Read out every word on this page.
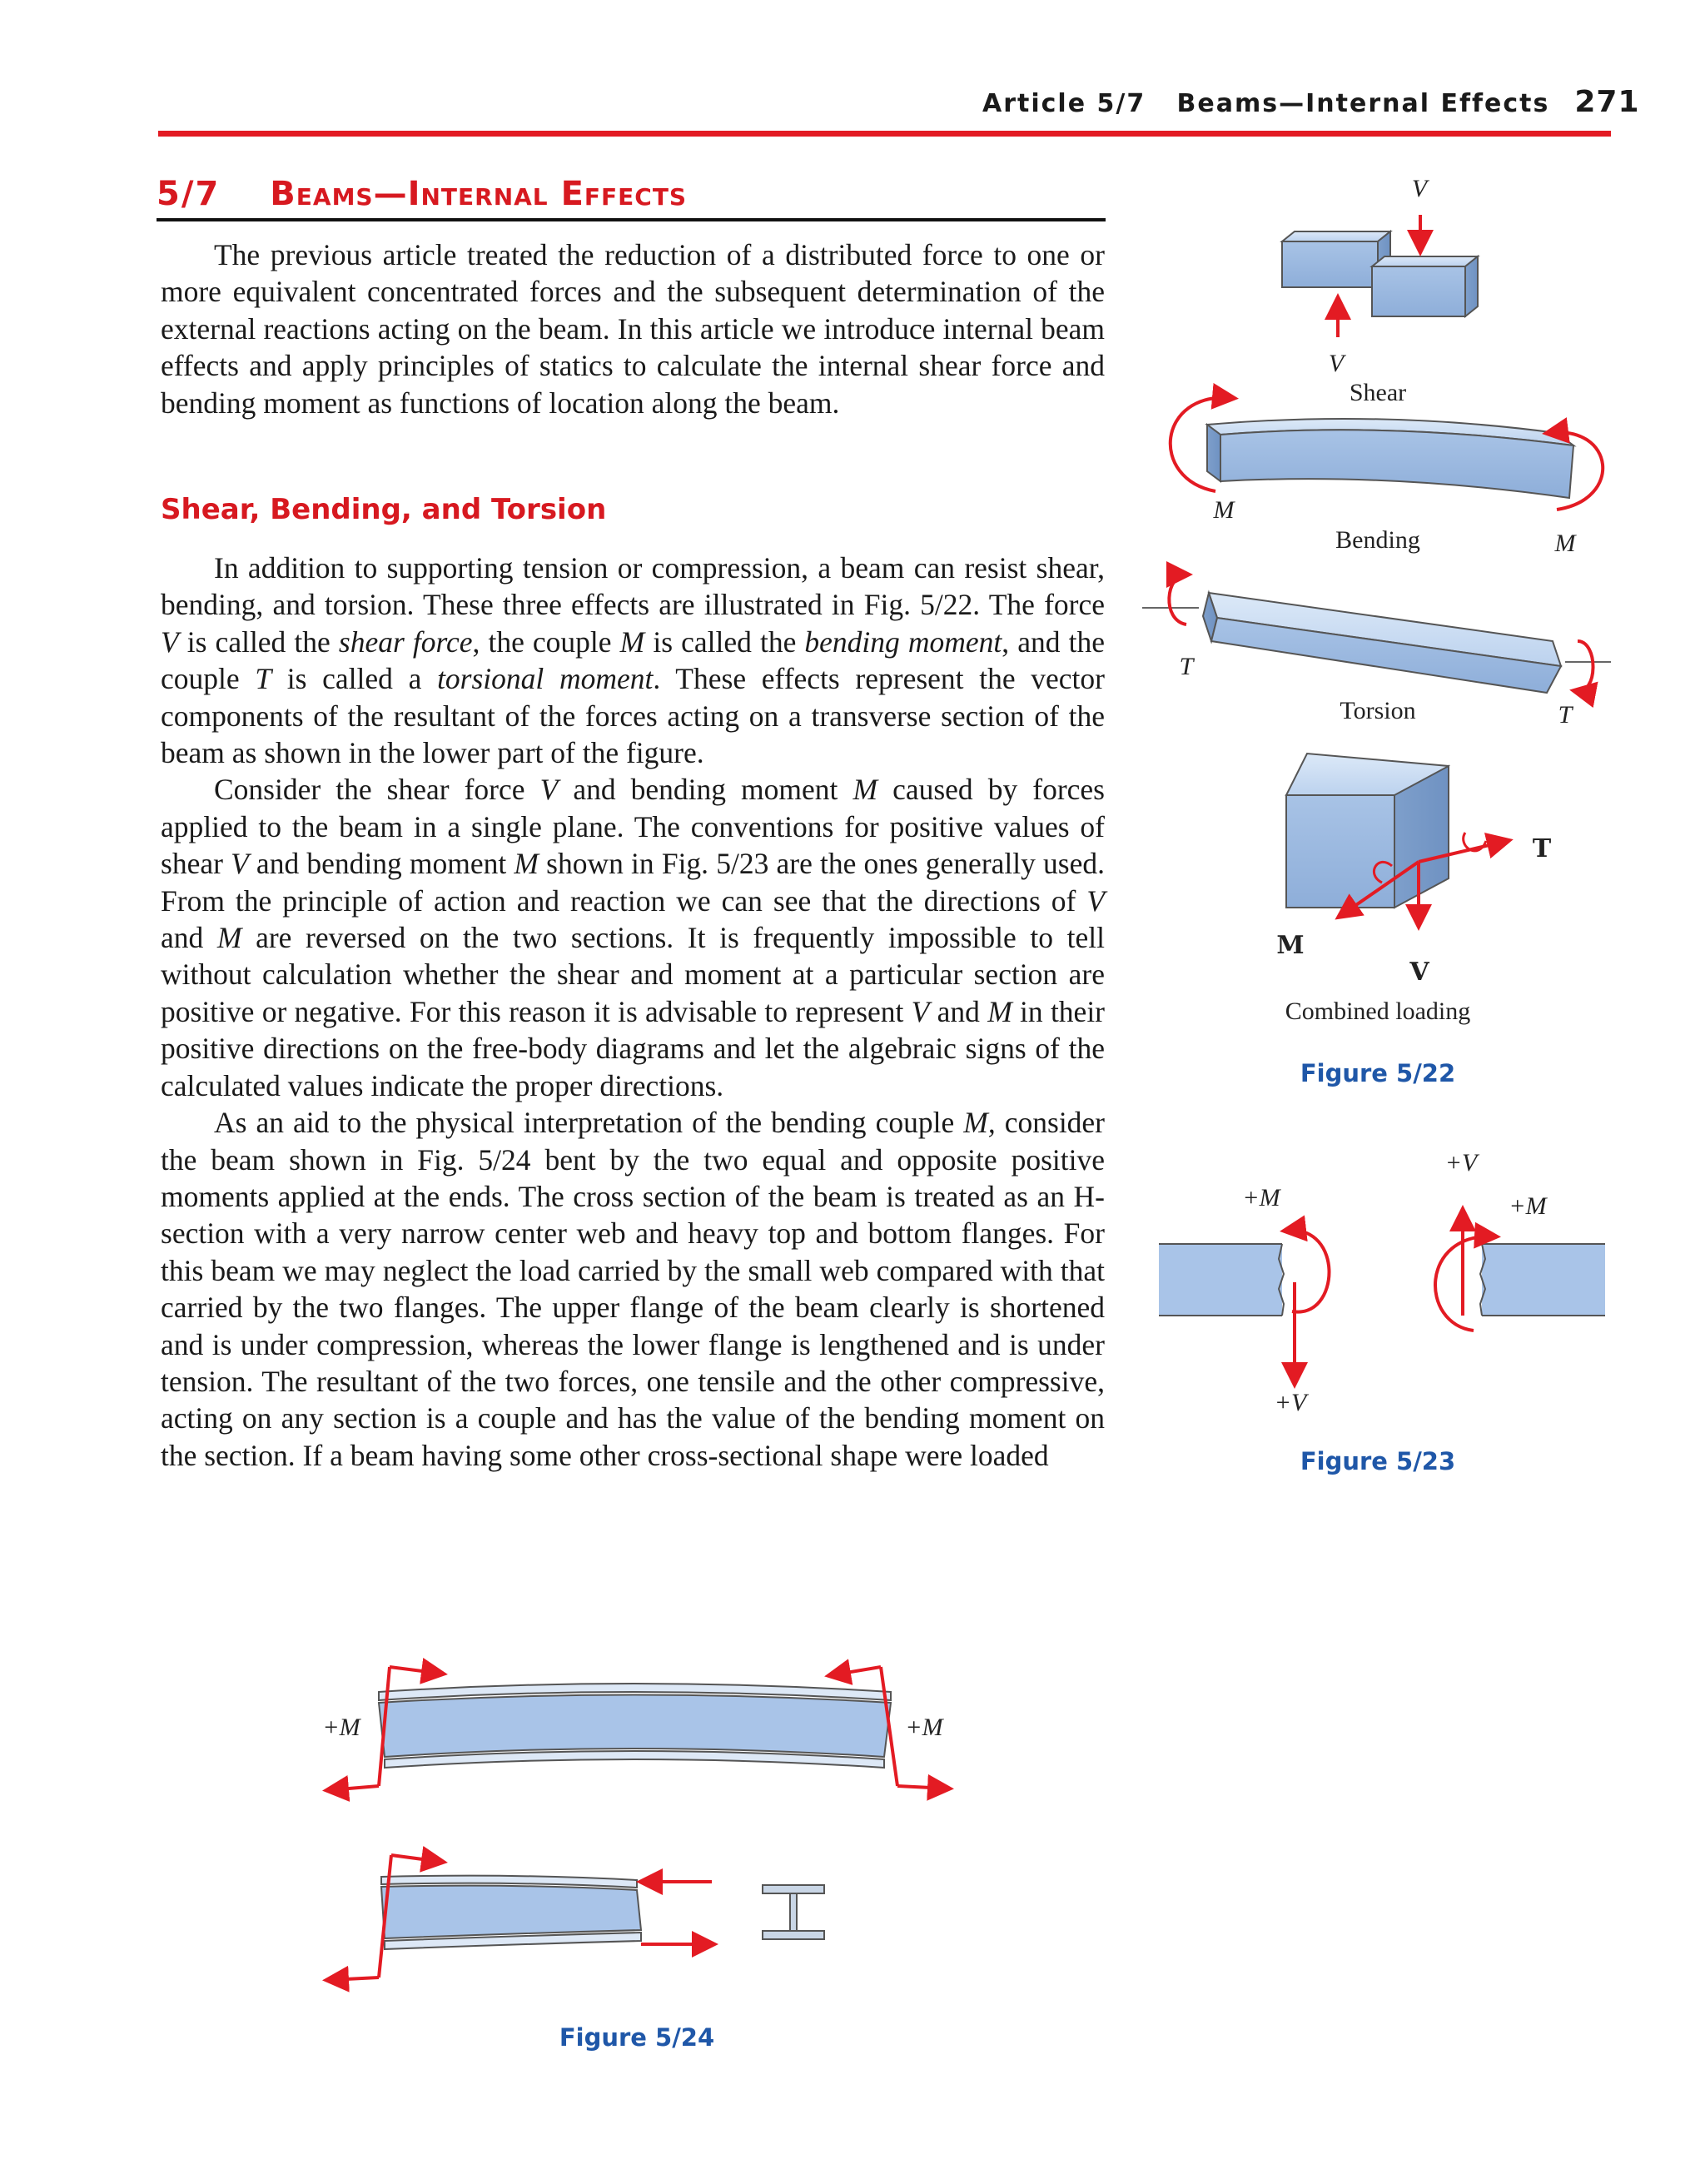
Article 5/7 Beams—Internal Effects 271
5/7 Beams—Internal Effects

The previous article treated the reduction of a distributed force to one or more equivalent concentrated forces and the subsequent determination of the external reactions acting on the beam. In this article we introduce internal beam effects and apply principles of statics to calculate the internal shear force and bending moment as functions of location along the beam.

Shear, Bending, and Torsion

In addition to supporting tension or compression, a beam can resist shear, bending, and torsion. These three effects are illustrated in Fig. 5/22. The force V is called the shear force, the couple M is called the bending moment, and the couple T is called a torsional moment. These effects represent the vector components of the resultant of the forces acting on a transverse section of the beam as shown in the lower part of the figure.

Consider the shear force V and bending moment M caused by forces applied to the beam in a single plane. The conventions for positive values of shear V and bending moment M shown in Fig. 5/23 are the ones generally used. From the principle of action and reaction we can see that the directions of V and M are reversed on the two sections. It is frequently impossible to tell without calculation whether the shear and moment at a particular section are positive or negative. For this reason it is advisable to represent V and M in their positive directions on the free-body diagrams and let the algebraic signs of the calculated values indicate the proper directions.

As an aid to the physical interpretation of the bending couple M, consider the beam shown in Fig. 5/24 bent by the two equal and opposite positive moments applied at the ends. The cross section of the beam is treated as an H-section with a very narrow center web and heavy top and bottom flanges. For this beam we may neglect the load carried by the small web compared with that carried by the two flanges. The upper flange of the beam clearly is shortened and is under compression, whereas the lower flange is lengthened and is under tension. The resultant of the two forces, one tensile and the other compressive, acting on any section is a couple and has the value of the bending moment on the section. If a beam having some other cross-sectional shape were loaded

V
V
Shear
M
Bending	M
T
Torsion	T
T
M
V
Combined loading
Figure 5/22
+M
+V
+V
+M
Figure 5/23
+M	+M
Figure 5/24
